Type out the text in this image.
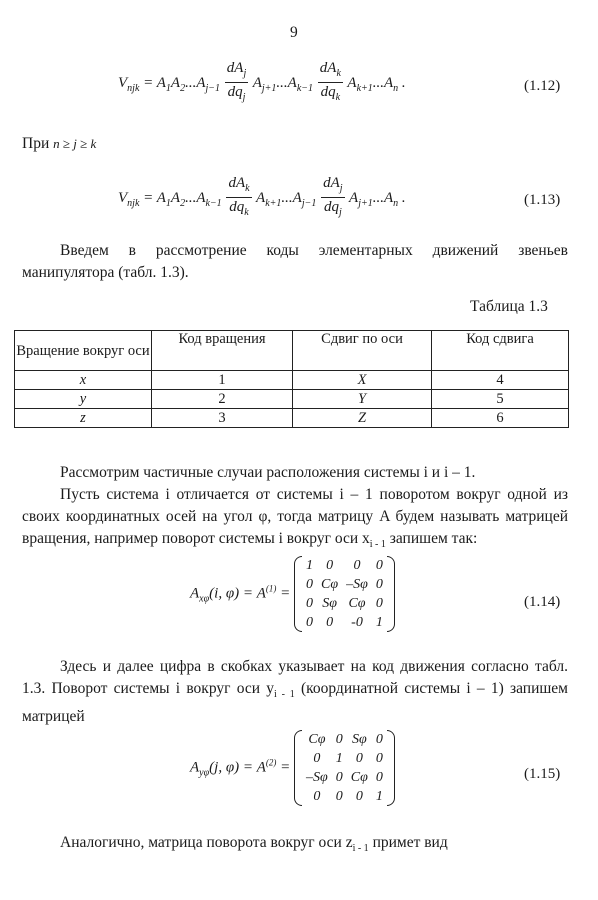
9
$V_{njk} = A_1A_2...A_{j-1} \frac{dA_j}{dq_j} A_{j+1}...A_{k-1} \frac{dA_k}{dq_k} A_{k+1}...A_n$ .	(1.12)
При n ≥ j ≥ k
$V_{njk} = A_1A_2...A_{k-1} \frac{dA_k}{dq_k} A_{k+1}...A_{j-1} \frac{dA_j}{dq_j} A_{j+1}...A_n$ .	(1.13)
Введем в рассмотрение коды элементарных движений звеньев манипулятора (табл. 1.3).
Таблица 1.3
Вращение вокруг оси	Код вращения	Сдвиг по оси	Код сдвига
x	1	X	4
y	2	Y	5
z	3	Z	6
Рассмотрим частичные случаи расположения системы i и i – 1.
Пусть система i отличается от системы i – 1 поворотом вокруг одной из своих координатных осей на угол φ, тогда матрицу A будем называть матрицей вращения, например поворот системы i вокруг оси $x_{i - 1}$ запишем так:
$A_{x\varphi}(i$, $\varphi) = A^{(1)}$ =
1	0	0	0
0	Cφ	–Sφ	0
0	Sφ	Cφ	0
0	0	-0	1
(1.14)
Здесь и далее цифра в скобках указывает на код движения согласно табл. 1.3. Поворот системы i вокруг оси $y_{i - 1}$ (координатной системы i – 1) запишем матрицей
$A_{y\varphi}(j$, $\varphi) = A^{(2)}$ =
Cφ	0	Sφ	0
0	1	0	0
–Sφ	0	Cφ	0
0	0	0	1
(1.15)
Аналогично, матрица поворота вокруг оси $z_{i - 1}$ примет вид
